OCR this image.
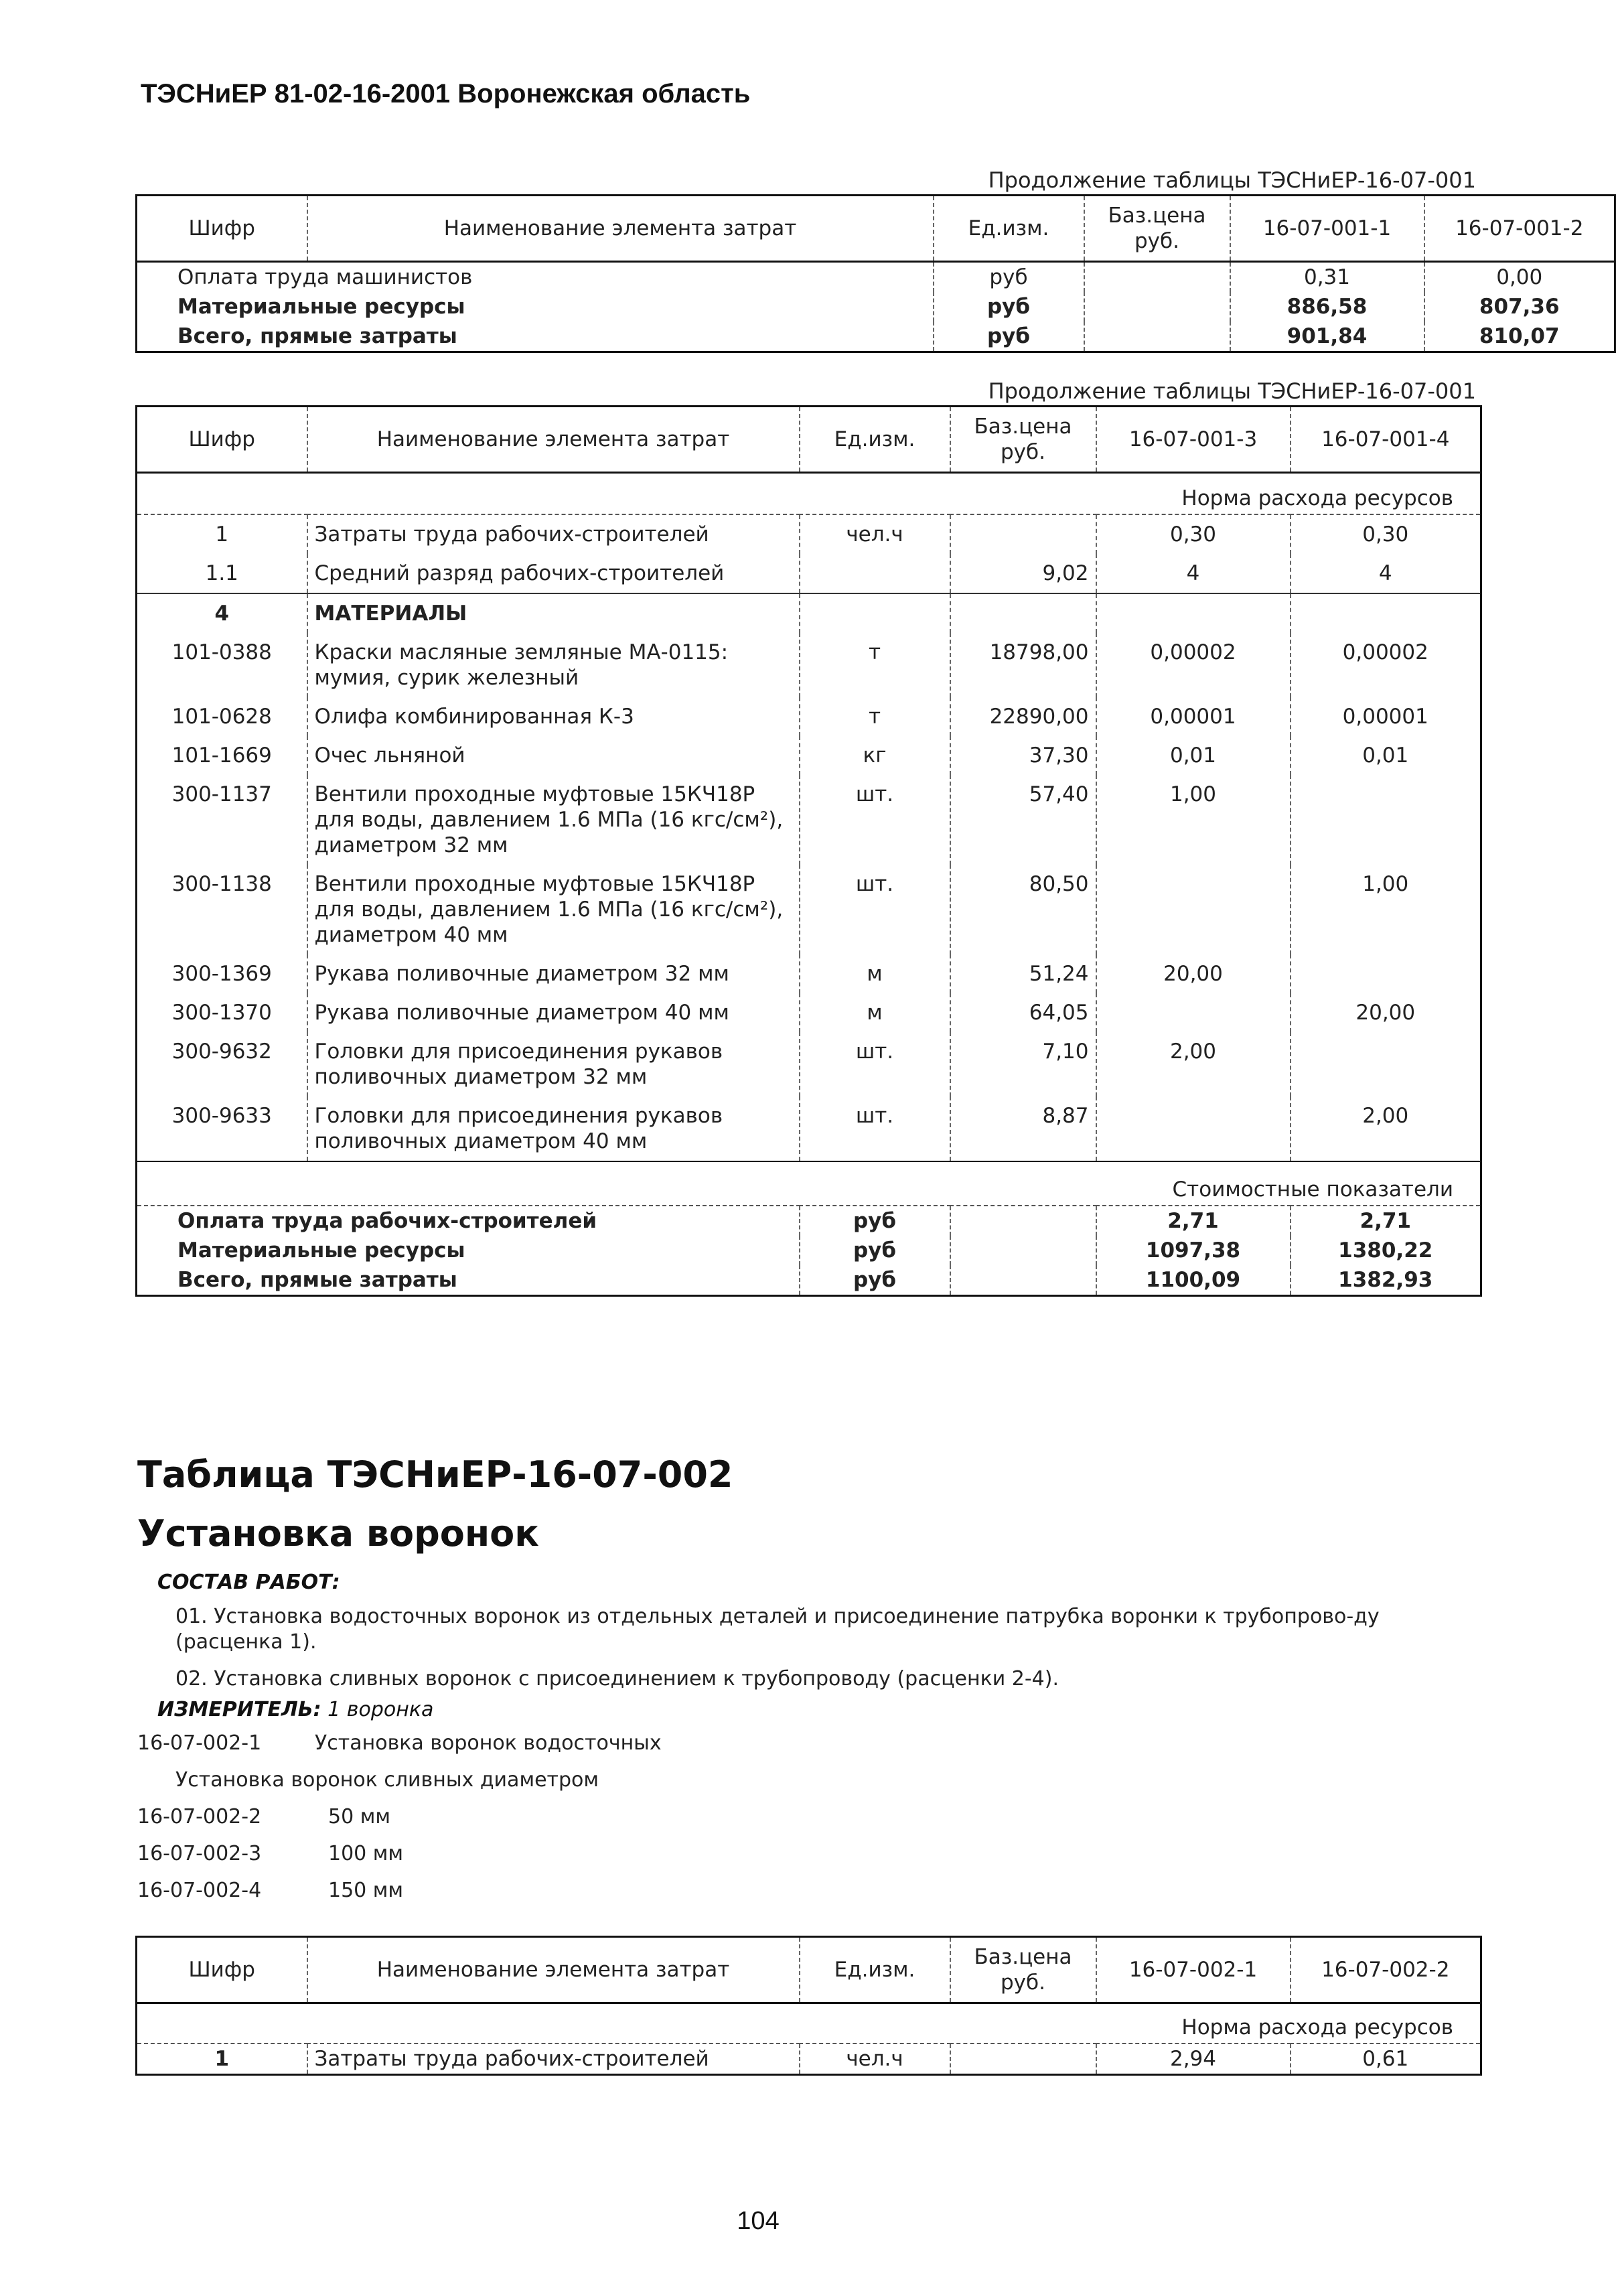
ТЭСНиЕР 81-02-16-2001 Воронежская область
Продолжение таблицы ТЭСНиЕР-16-07-001
Шифр	Наименование элемента затрат	Ед.изм.	Баз.цена руб.	16-07-001-1	16-07-001-2
Оплата труда машинистов		руб		0,31	0,00
Материальные ресурсы		руб		886,58	807,36
Всего, прямые затраты		руб		901,84	810,07
Продолжение таблицы ТЭСНиЕР-16-07-001
Шифр	Наименование элемента затрат	Ед.изм.	Баз.цена руб.	16-07-001-3	16-07-001-4
Норма расхода ресурсов					
1	Затраты труда рабочих-строителей	чел.ч		0,30	0,30
1.1	Средний разряд рабочих-строителей		9,02	4	4
4	МАТЕРИАЛЫ				
101-0388	Краски масляные земляные МА-0115: мумия, сурик железный	т	18798,00	0,00002	0,00002
101-0628	Олифа комбинированная К-3	т	22890,00	0,00001	0,00001
101-1669	Очес льняной	кг	37,30	0,01	0,01
300-1137	Вентили проходные муфтовые 15КЧ18Р для воды, давлением 1.6 МПа (16 кгс/см²), диаметром 32 мм	шт.	57,40	1,00	
300-1138	Вентили проходные муфтовые 15КЧ18Р для воды, давлением 1.6 МПа (16 кгс/см²), диаметром 40 мм	шт.	80,50		1,00
300-1369	Рукава поливочные диаметром 32 мм	м	51,24	20,00	
300-1370	Рукава поливочные диаметром 40 мм	м	64,05		20,00
300-9632	Головки для присоединения рукавов поливочных диаметром 32 мм	шт.	7,10	2,00	
300-9633	Головки для присоединения рукавов поливочных диаметром 40 мм	шт.	8,87		2,00
Стоимостные показатели					
Оплата труда рабочих-строителей		руб		2,71	2,71
Материальные ресурсы		руб		1097,38	1380,22
Всего, прямые затраты		руб		1100,09	1382,93
Таблица ТЭСНиЕР-16-07-002
Установка воронок
СОСТАВ РАБОТ:
01. Установка водосточных воронок из отдельных деталей и присоединение патрубка воронки к трубопрово-ду (расценка 1).
02. Установка сливных воронок с присоединением к трубопроводу (расценки 2-4).
ИЗМЕРИТЕЛЬ: 1 воронка
16-07-002-1	Установка воронок водосточных
Установка воронок сливных диаметром
16-07-002-2	50 мм
16-07-002-3	100 мм
16-07-002-4	150 мм
Шифр	Наименование элемента затрат	Ед.изм.	Баз.цена руб.	16-07-002-1	16-07-002-2
Норма расхода ресурсов					
1	Затраты труда рабочих-строителей	чел.ч		2,94	0,61
104
